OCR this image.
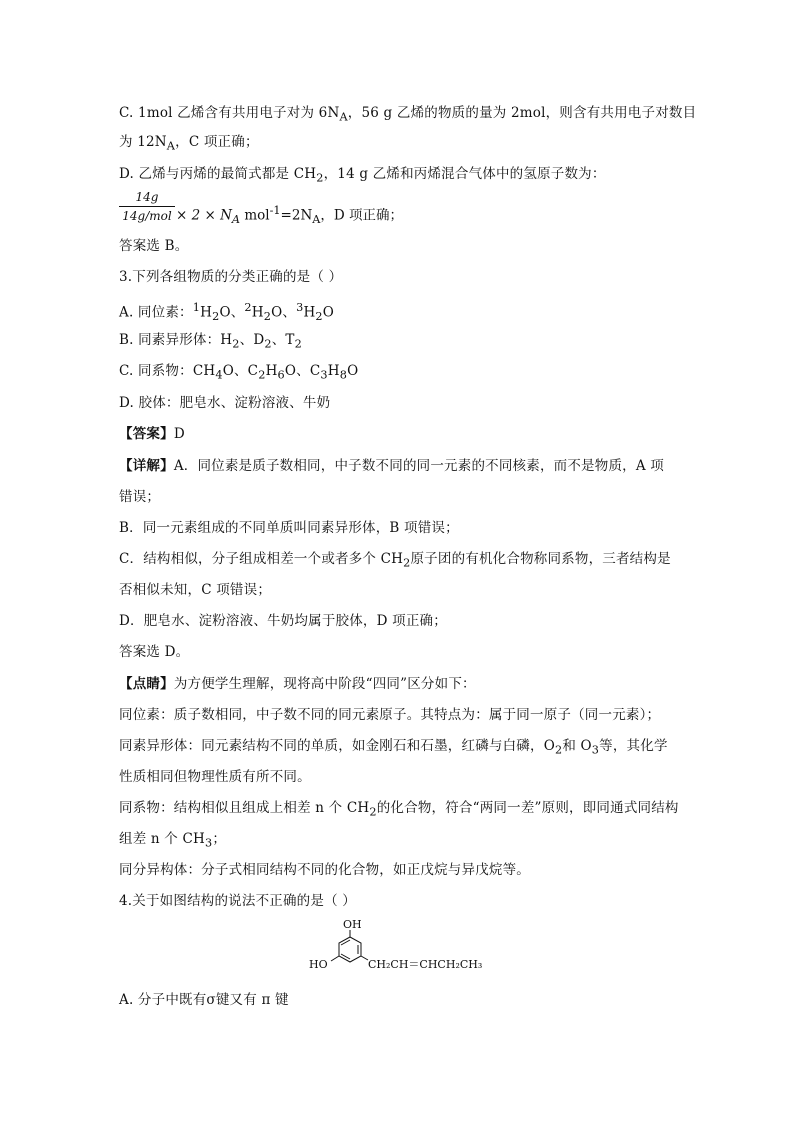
C. 1mol 乙烯含有共用电子对为 $6N_A$，56 g 乙烯的物质的量为 2mol，则含有共用电子对数目
为 $12N_A$，C 项正确；
D. 乙烯与丙烯的最简式都是 $CH_2$，14 g 乙烯和丙烯混合气体中的氢原子数为：
14g
$14g/mol \times 2 \times N_A$ $mol^{-1}=2N_A$，D 项正确；
答案选 B。
3.下列各组物质的分类正确的是（ ）
A. 同位素：$^1H_2O$、$^2H_2O$、$^3H_2O$
B. 同素异形体：$H_2$、$D_2$、$T_2$
C. 同系物：$CH_4O$、$C_2H_6O$、$C_3H_8O$
D. 胶体：肥皂水、淀粉溶液、牛奶
【答案】D
【详解】A．同位素是质子数相同，中子数不同的同一元素的不同核素，而不是物质，A 项
错误；
B．同一元素组成的不同单质叫同素异形体，B 项错误；
C．结构相似，分子组成相差一个或者多个 $CH_2$原子团的有机化合物称同系物，三者结构是
否相似未知，C 项错误；
D．肥皂水、淀粉溶液、牛奶均属于胶体，D 项正确；
答案选 D。
【点睛】为方便学生理解，现将高中阶段“四同”区分如下：
同位素：质子数相同，中子数不同的同元素原子。其特点为：属于同一原子（同一元素）；
同素异形体：同元素结构不同的单质，如金刚石和石墨，红磷与白磷，$O_2$和 $O_3$等，其化学
性质相同但物理性质有所不同。
同系物：结构相似且组成上相差 n 个 $CH_2$的化合物，符合“两同一差”原则，即同通式同结构
组差 n 个 $CH_3$；
同分异构体：分子式相同结构不同的化合物，如正戊烷与异戊烷等。
4.关于如图结构的说法不正确的是（ ）
OH
HO	CH₂CH＝CHCH₂CH₃
A. 分子中既有σ键又有 π 键
